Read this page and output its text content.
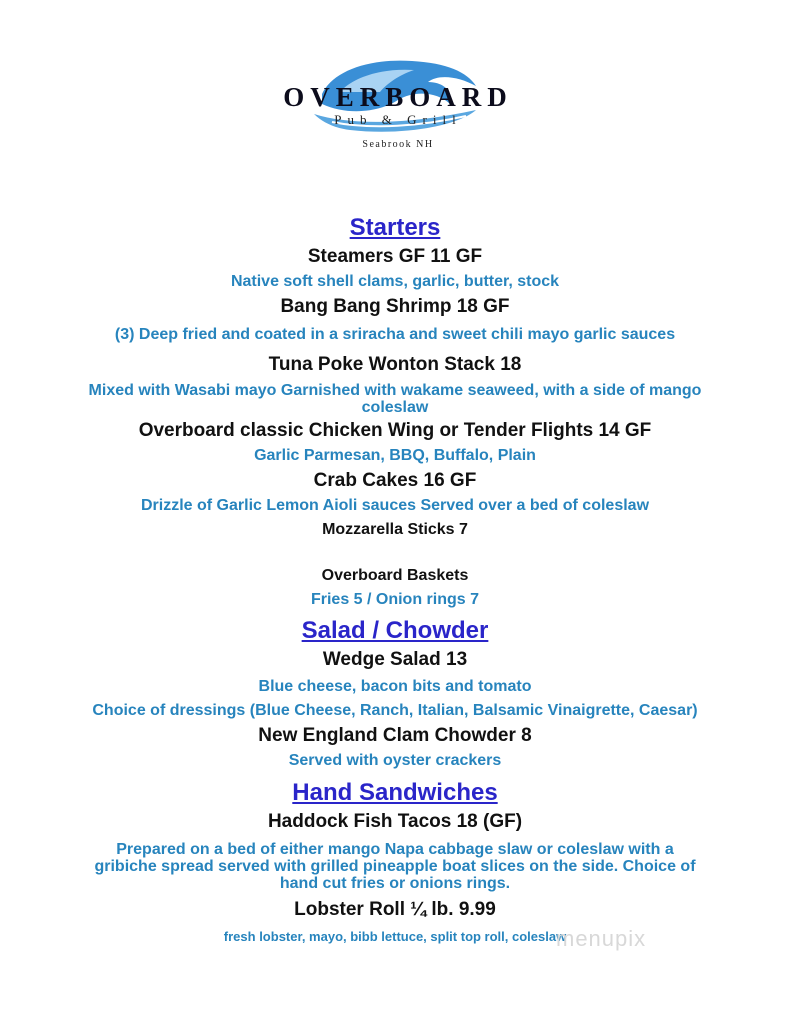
OVERBOARD
Pub & Grill
Seabrook NH
Starters
Steamers GF 11 GF
Native soft shell clams, garlic, butter, stock
Bang Bang Shrimp 18 GF
(3) Deep fried and coated in a sriracha and sweet chili mayo garlic sauces
Tuna Poke Wonton Stack 18
Mixed with Wasabi mayo Garnished with wakame seaweed, with a side of mango
coleslaw
Overboard classic Chicken Wing or Tender Flights 14 GF
Garlic Parmesan, BBQ, Buffalo, Plain
Crab Cakes 16 GF
Drizzle of Garlic Lemon Aioli sauces Served over a bed of coleslaw
Mozzarella Sticks 7
Overboard Baskets
Fries 5 / Onion rings 7
Salad / Chowder
Wedge Salad 13
Blue cheese, bacon bits and tomato
Choice of dressings (Blue Cheese, Ranch, Italian, Balsamic Vinaigrette, Caesar)
New England Clam Chowder 8
Served with oyster crackers
Hand Sandwiches
Haddock Fish Tacos 18 (GF)
Prepared on a bed of either mango Napa cabbage slaw or coleslaw with a
gribiche spread served with grilled pineapple boat slices on the side. Choice of
hand cut fries or onions rings.
Lobster Roll ¼ lb. 9.99
fresh lobster, mayo, bibb lettuce, split top roll, coleslaw
menupix
